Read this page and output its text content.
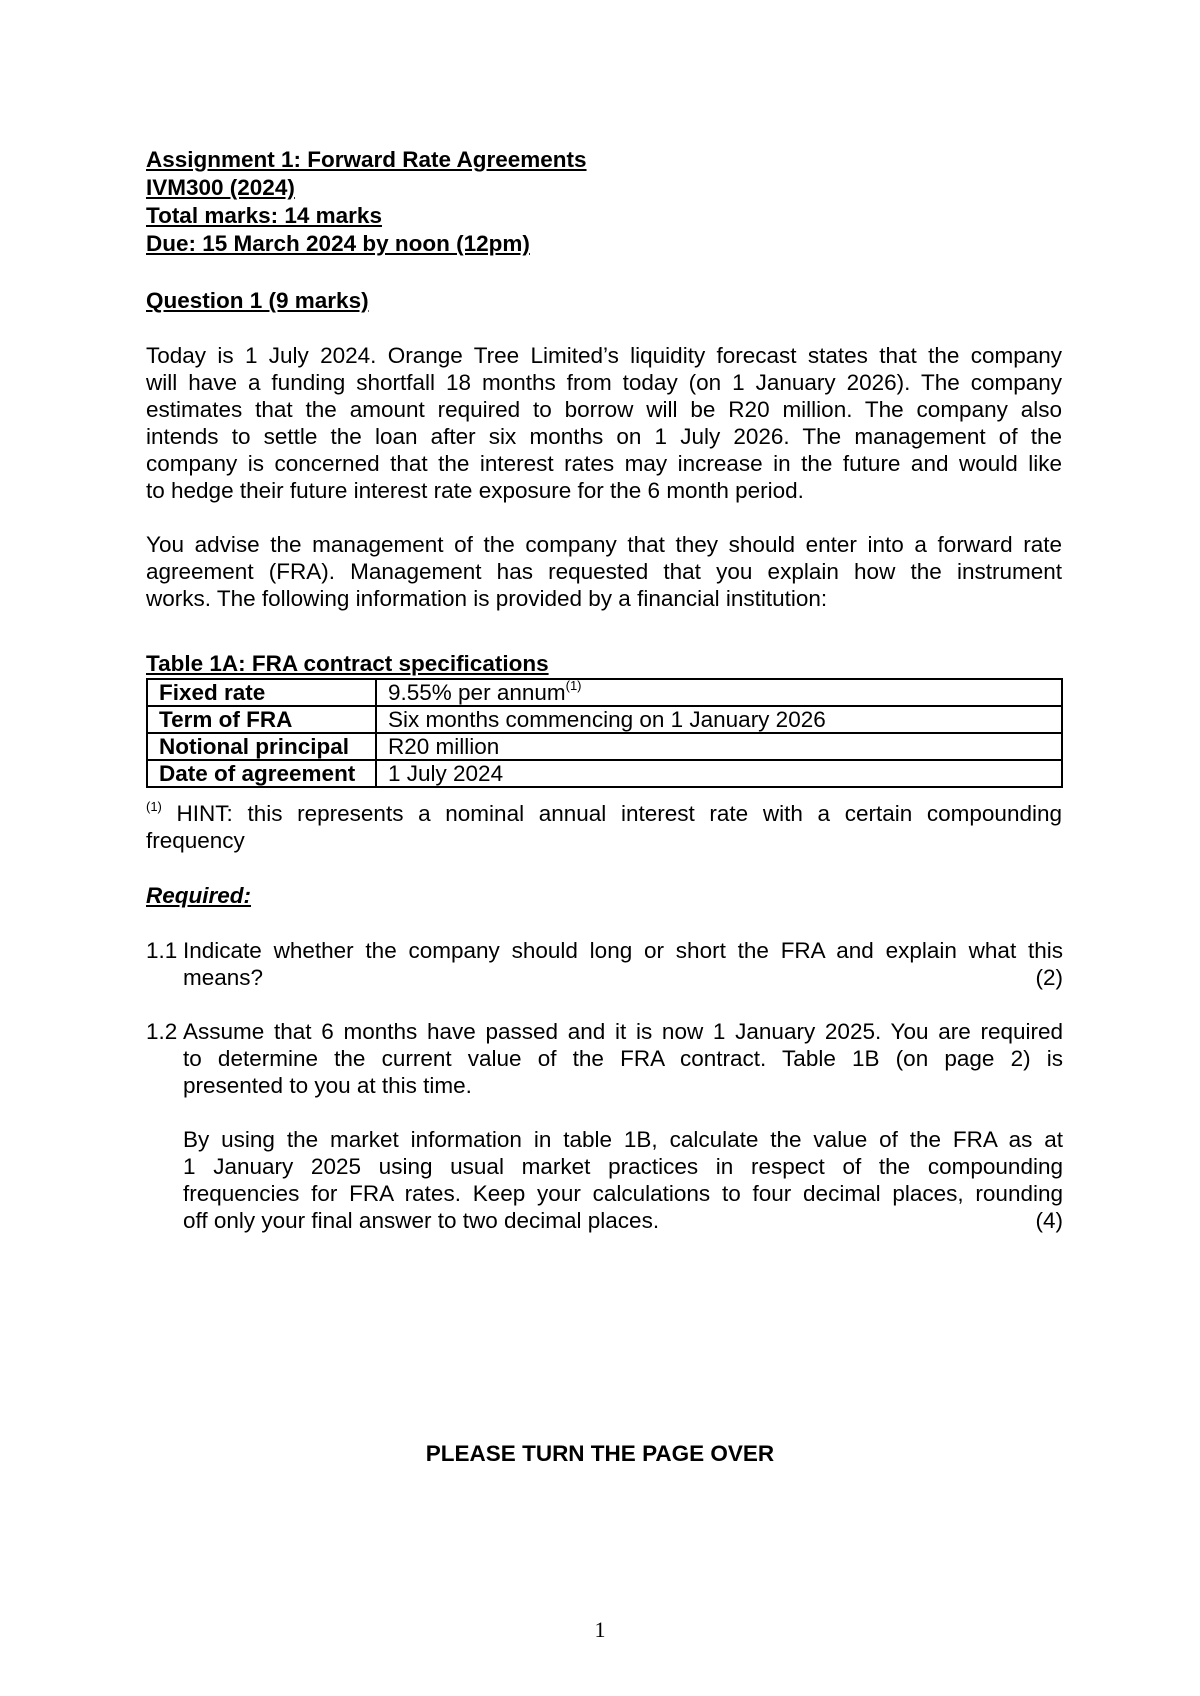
Assignment 1: Forward Rate Agreements
IVM300 (2024)
Total marks: 14 marks
Due: 15 March 2024 by noon (12pm)
Question 1 (9 marks)
Today is 1 July 2024. Orange Tree Limited’s liquidity forecast states that the company
will have a funding shortfall 18 months from today (on 1 January 2026). The company
estimates that the amount required to borrow will be R20 million. The company also
intends to settle the loan after six months on 1 July 2026. The management of the
company is concerned that the interest rates may increase in the future and would like
to hedge their future interest rate exposure for the 6 month period.
You advise the management of the company that they should enter into a forward rate
agreement (FRA). Management has requested that you explain how the instrument
works. The following information is provided by a financial institution:
Table 1A: FRA contract specifications
Fixed rate	9.55% per annum$^{(1)}$
Term of FRA	Six months commencing on 1 January 2026
Notional principal	R20 million
Date of agreement	1 July 2024
$^{(1)}$ HINT: this represents a nominal annual interest rate with a certain compounding
frequency
Required:
1.1 Indicate whether the company should long or short the FRA and explain what this
means?	(2)
1.2 Assume that 6 months have passed and it is now 1 January 2025. You are required
to determine the current value of the FRA contract. Table 1B (on page 2) is
presented to you at this time.
By using the market information in table 1B, calculate the value of the FRA as at
1 January 2025 using usual market practices in respect of the compounding
frequencies for FRA rates. Keep your calculations to four decimal places, rounding
off only your final answer to two decimal places.	(4)
PLEASE TURN THE PAGE OVER
1
